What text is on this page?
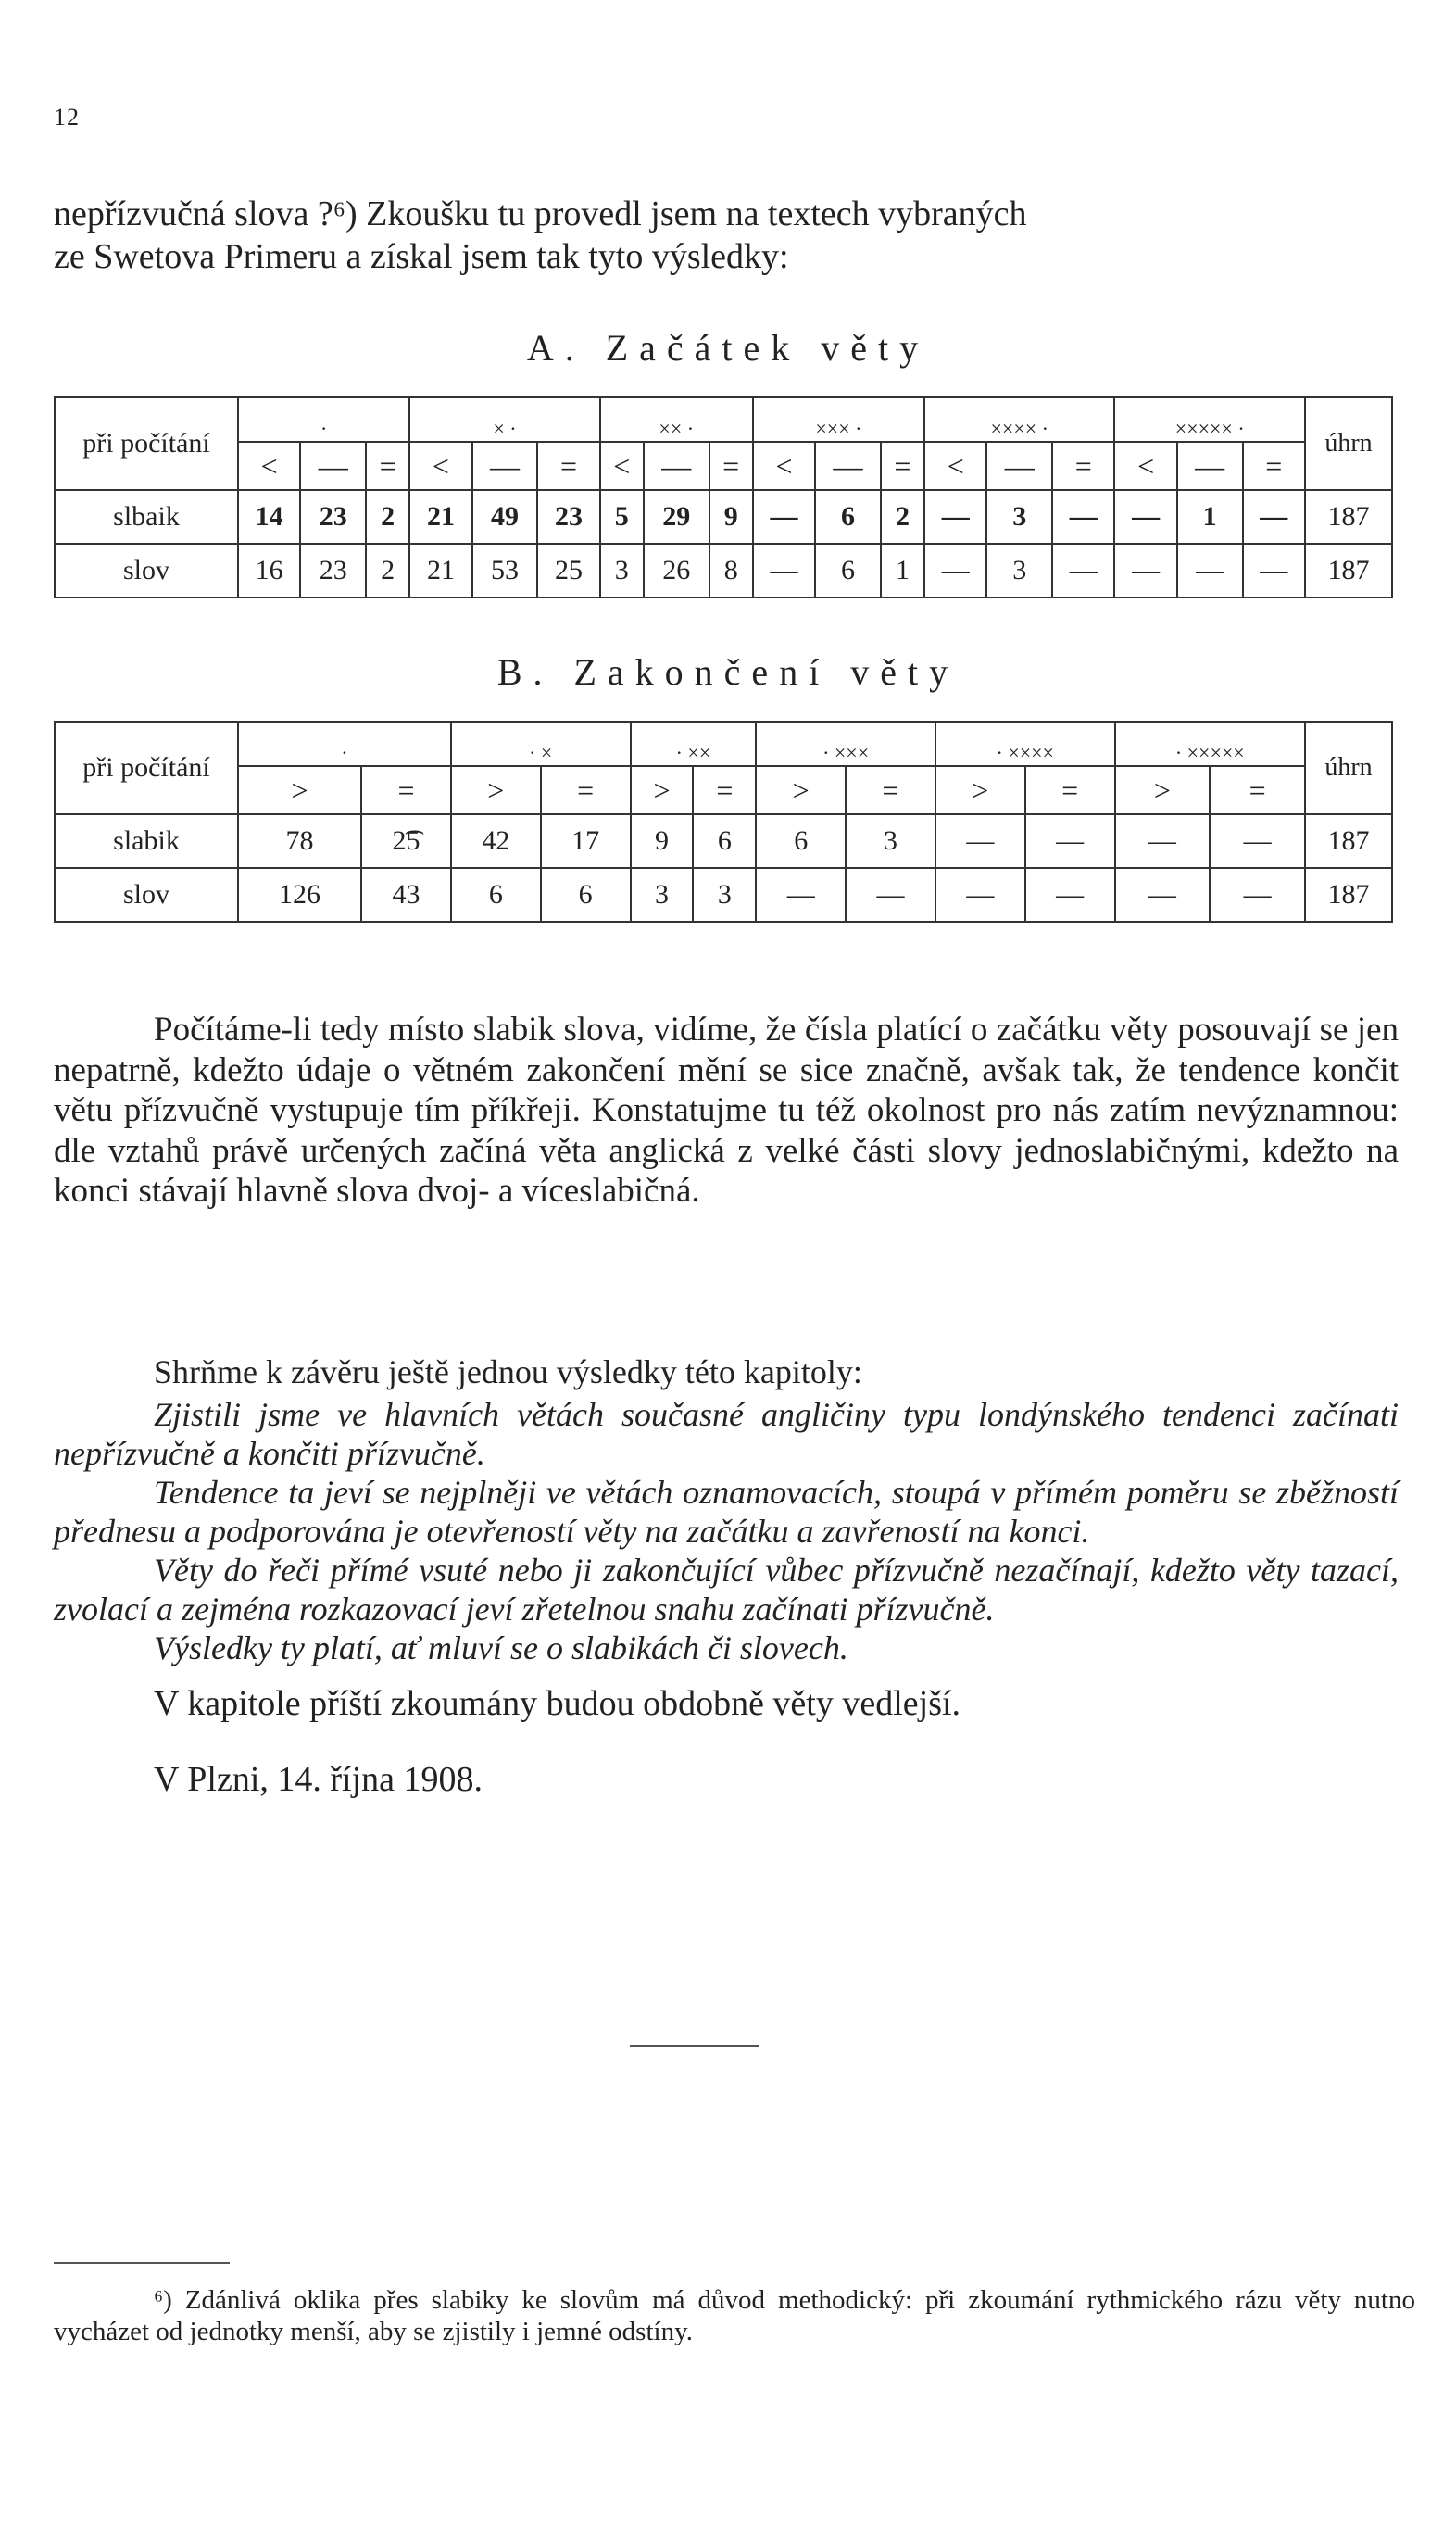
12

nepřízvučná slova ?⁶) Zkoušku tu provedl jsem na textech vybraných

ze Swetova Primeru a získal jsem tak tyto výsledky:

A. Začátek věty
při počítání	·			× ·			×× ·			××× ·			×××× ·			××××× ·			úhrn
	<	—	=	<	—	=	<	—	=	<	—	=	<	—	=	<	—	=	
slbaik	14	23	2	21	49	23	5	29	9	—	6	2	—	3	—	—	1	—	187
slov	16	23	2	21	53	25	3	26	8	—	6	1	—	3	—	—	—	—	187
B. Zakončení věty
při počítání	·		· ×		· ××		· ×××		· ××××		· ×××××		úhrn
	>	=	>	=	>	=	>	=	>	=	>	=	
slabik	78	2͡5	42	17	9	6	6	3	—	—	—	—	187
slov	126	43	6	6	3	3	—	—	—	—	—	—	187

Počítáme-li tedy místo slabik slova, vidíme, že čísla platící o začátku věty posouvají se jen nepatrně, kdežto údaje o větném zakončení mění se sice značně, avšak tak, že tendence končit větu přízvučně vystupuje tím příkřeji. Konstatujme tu též okolnost pro nás zatím nevýznamnou: dle vztahů právě určených začíná věta anglická z velké části slovy jednoslabičnými, kdežto na konci stávají hlavně slova dvoj- a víceslabičná.

Shrňme k závěru ještě jednou výsledky této kapitoly:

Zjistili jsme ve hlavních větách současné angličiny typu londýnského tendenci začínati nepřízvučně a končiti přízvučně.

Tendence ta jeví se nejplněji ve větách oznamovacích, stoupá v přímém poměru se zběžností přednesu a podporována je otevřeností věty na začátku a zavřeností na konci.

Věty do řeči přímé vsuté nebo ji zakončující vůbec přízvučně nezačínají, kdežto věty tazací, zvolací a zejména rozkazovací jeví zřetelnou snahu začínati přízvučně.

Výsledky ty platí, ať mluví se o slabikách či slovech.

V kapitole příští zkoumány budou obdobně věty vedlejší.

V Plzni, 14. října 1908.

⁶) Zdánlivá oklika přes slabiky ke slovům má důvod methodický: při zkoumání rythmického rázu věty nutno vycházet od jednotky menší, aby se zjistily i jemné odstíny.
